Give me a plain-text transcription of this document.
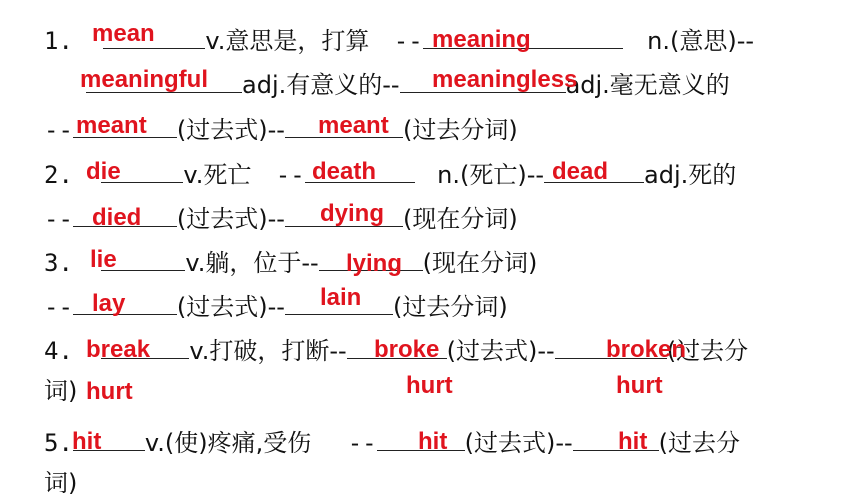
1.	v.意思是，打算 --	n.(意思)--
adj.有意义的--	adj.毫无意义的
--	(过去式)--	(过去分词)
2.	v.死亡 --	n.(死亡)--	adj.死的
--	(过去式)--	(现在分词)
3.	v.躺，位于--	(现在分词)
--	(过去式)--	(过去分词)
4.	v.打破，打断--	(过去式)--	(过去分
词)
5.	v.(使)疼痛,受伤 --	(过去式)--	(过去分
词)
mean	meaning
meaningful	meaningless
meant	meant
die	death	dead
died	dying
lie	lying
lay	lain
break	broke	broken
hurt	hurt	hurt
hit	hit	hit
